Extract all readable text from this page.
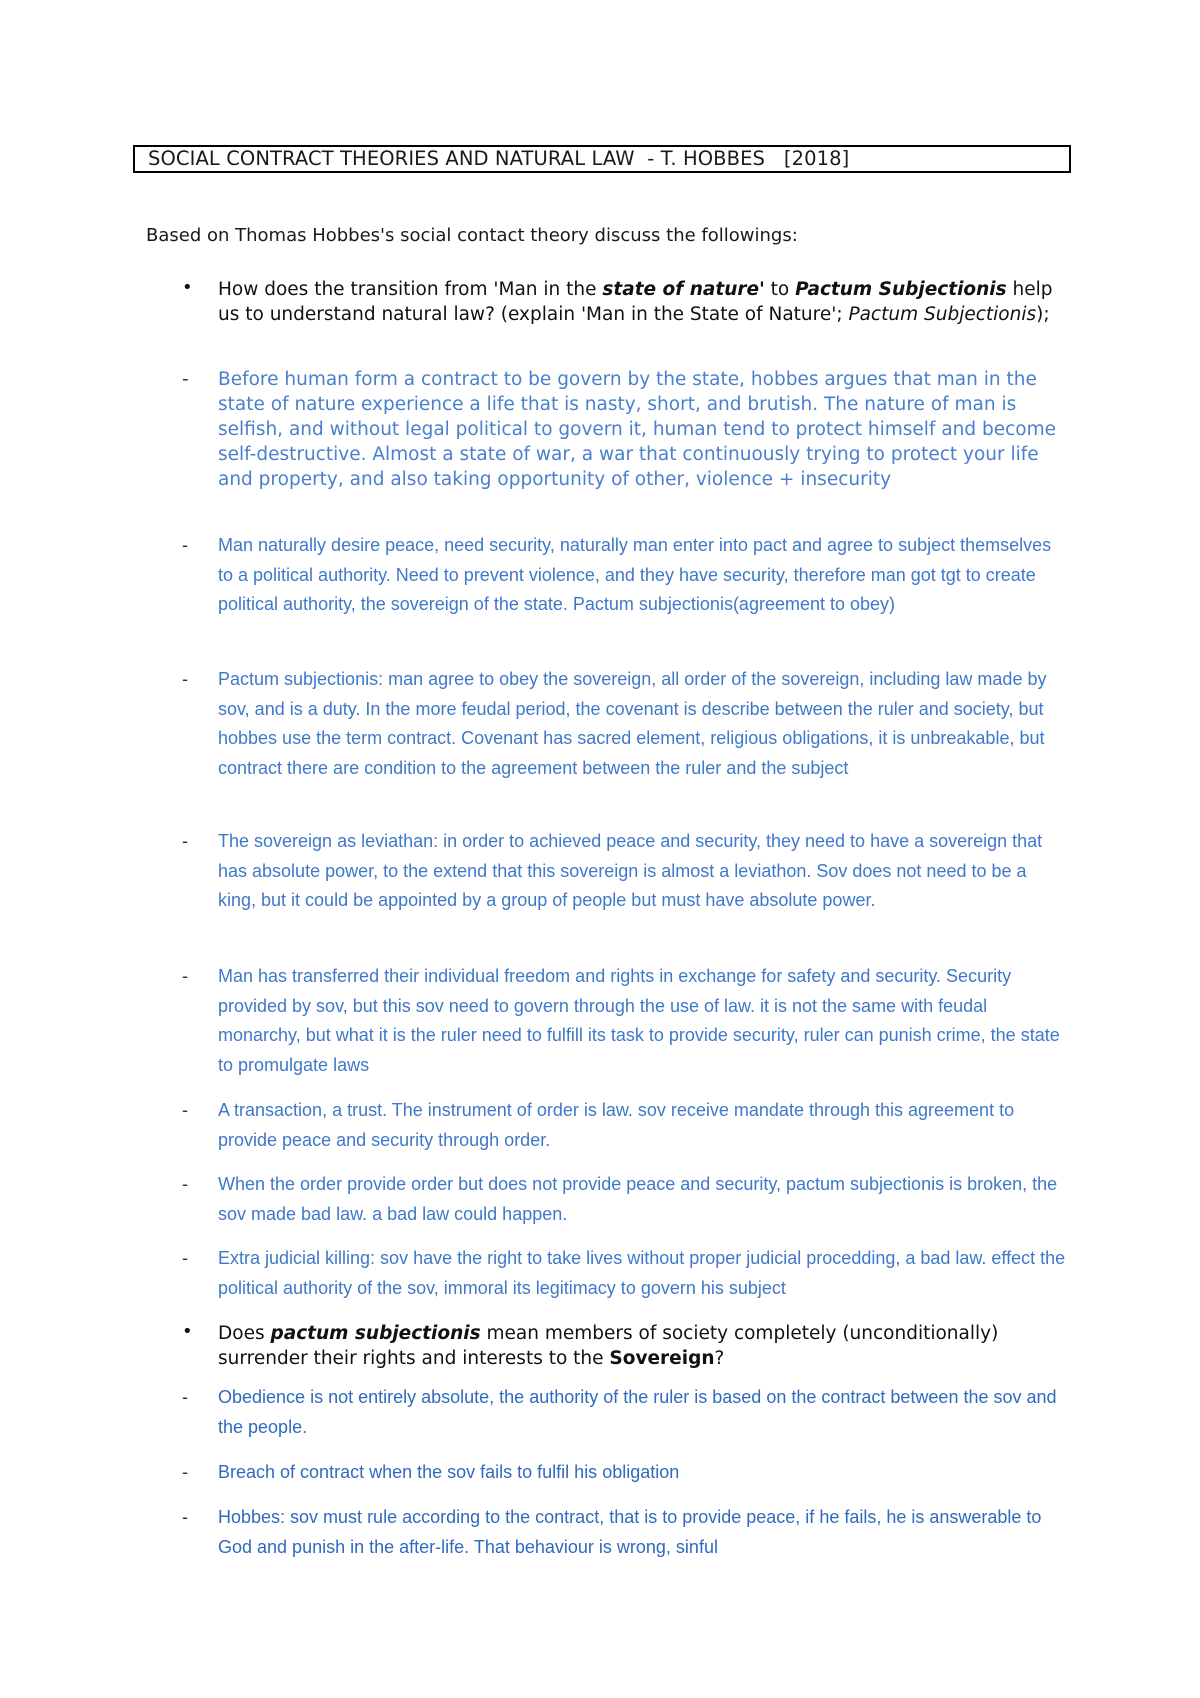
SOCIAL CONTRACT THEORIES AND NATURAL LAW  - T. HOBBES   [2018]
Based on Thomas Hobbes's social contact theory discuss the followings:
• How does the transition from 'Man in the state of nature' to Pactum Subjectionis help us to understand natural law? (explain 'Man in the State of Nature'; Pactum Subjectionis);
- Before human form a contract to be govern by the state, hobbes argues that man in the state of nature experience a life that is nasty, short, and brutish. The nature of man is selfish, and without legal political to govern it, human tend to protect himself and become self-destructive. Almost a state of war, a war that continuously trying to protect your life and property, and also taking opportunity of other, violence + insecurity
- Man naturally desire peace, need security, naturally man enter into pact and agree to subject themselves to a political authority. Need to prevent violence, and they have security, therefore man got tgt to create political authority, the sovereign of the state. Pactum subjectionis(agreement to obey)
- Pactum subjectionis: man agree to obey the sovereign, all order of the sovereign, including law made by sov, and is a duty. In the more feudal period, the covenant is describe between the ruler and society, but hobbes use the term contract. Covenant has sacred element, religious obligations, it is unbreakable, but contract there are condition to the agreement between the ruler and the subject
- The sovereign as leviathan: in order to achieved peace and security, they need to have a sovereign that has absolute power, to the extend that this sovereign is almost a leviathon. Sov does not need to be a king, but it could be appointed by a group of people but must have absolute power.
- Man has transferred their individual freedom and rights in exchange for safety and security. Security provided by sov, but this sov need to govern through the use of law. it is not the same with feudal monarchy, but what it is the ruler need to fulfill its task to provide security, ruler can punish crime, the state to promulgate laws
- A transaction, a trust. The instrument of order is law. sov receive mandate through this agreement to provide peace and security through order.
- When the order provide order but does not provide peace and security, pactum subjectionis is broken, the sov made bad law. a bad law could happen.
- Extra judicial killing: sov have the right to take lives without proper judicial procedding, a bad law. effect the political authority of the sov, immoral its legitimacy to govern his subject
• Does pactum subjectionis mean members of society completely (unconditionally) surrender their rights and interests to the Sovereign?
- Obedience is not entirely absolute, the authority of the ruler is based on the contract between the sov and the people.
- Breach of contract when the sov fails to fulfil his obligation
- Hobbes: sov must rule according to the contract, that is to provide peace, if he fails, he is answerable to God and punish in the after-life. That behaviour is wrong, sinful
